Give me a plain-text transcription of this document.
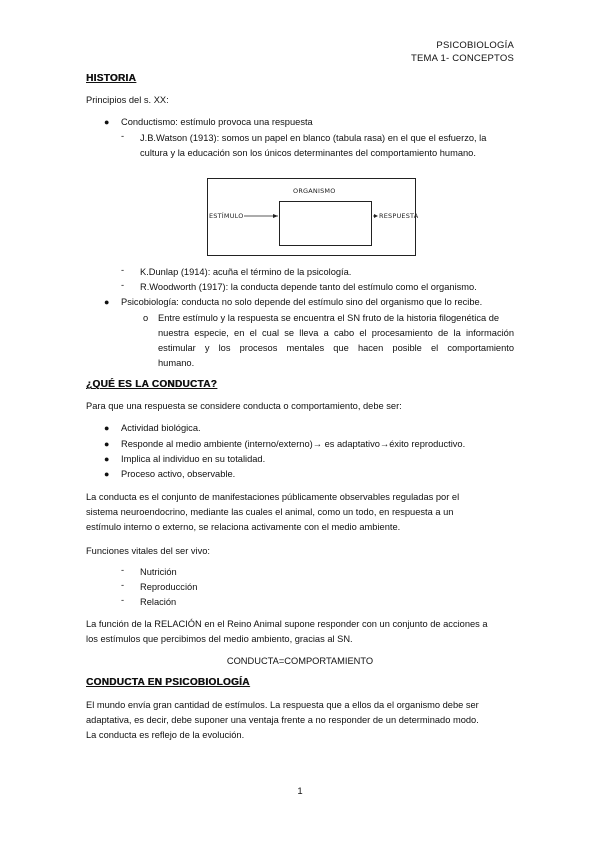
PSICOBIOLOGÍA
TEMA 1- CONCEPTOS
HISTORIA
Principios del s. XX:
● Conductismo: estímulo provoca una respuesta
- J.B.Watson (1913): somos un papel en blanco (tabula rasa) en el que el esfuerzo, la
cultura y la educación son los únicos determinantes del comportamiento humano.
ORGANISMO
ESTÍMULO	RESPUESTA
- K.Dunlap (1914): acuña el término de la psicología.
- R.Woodworth (1917): la conducta depende tanto del estímulo como el organismo.
● Psicobiología: conducta no solo depende del estímulo sino del organismo que lo recibe.
o Entre estímulo y la respuesta se encuentra el SN fruto de la historia filogenética de
nuestra especie, en el cual se lleva a cabo el procesamiento de la información
estimular y los procesos mentales que hacen posible el comportamiento
humano.
¿QUÉ ES LA CONDUCTA?
Para que una respuesta se considere conducta o comportamiento, debe ser:
● Actividad biológica.
● Responde al medio ambiente (interno/externo)→ es adaptativo→éxito reproductivo.
● Implica al individuo en su totalidad.
● Proceso activo, observable.
La conducta es el conjunto de manifestaciones públicamente observables reguladas por el
sistema neuroendocrino, mediante las cuales el animal, como un todo, en respuesta a un
estímulo interno o externo, se relaciona activamente con el medio ambiente.
Funciones vitales del ser vivo:
- Nutrición
- Reproducción
- Relación
La función de la RELACIÓN en el Reino Animal supone responder con un conjunto de acciones a
los estímulos que percibimos del medio ambiento, gracias al SN.
CONDUCTA=COMPORTAMIENTO
CONDUCTA EN PSICOBIOLOGÍA
El mundo envía gran cantidad de estímulos. La respuesta que a ellos da el organismo debe ser
adaptativa, es decir, debe suponer una ventaja frente a no responder de un determinado modo.
La conducta es reflejo de la evolución.
1
